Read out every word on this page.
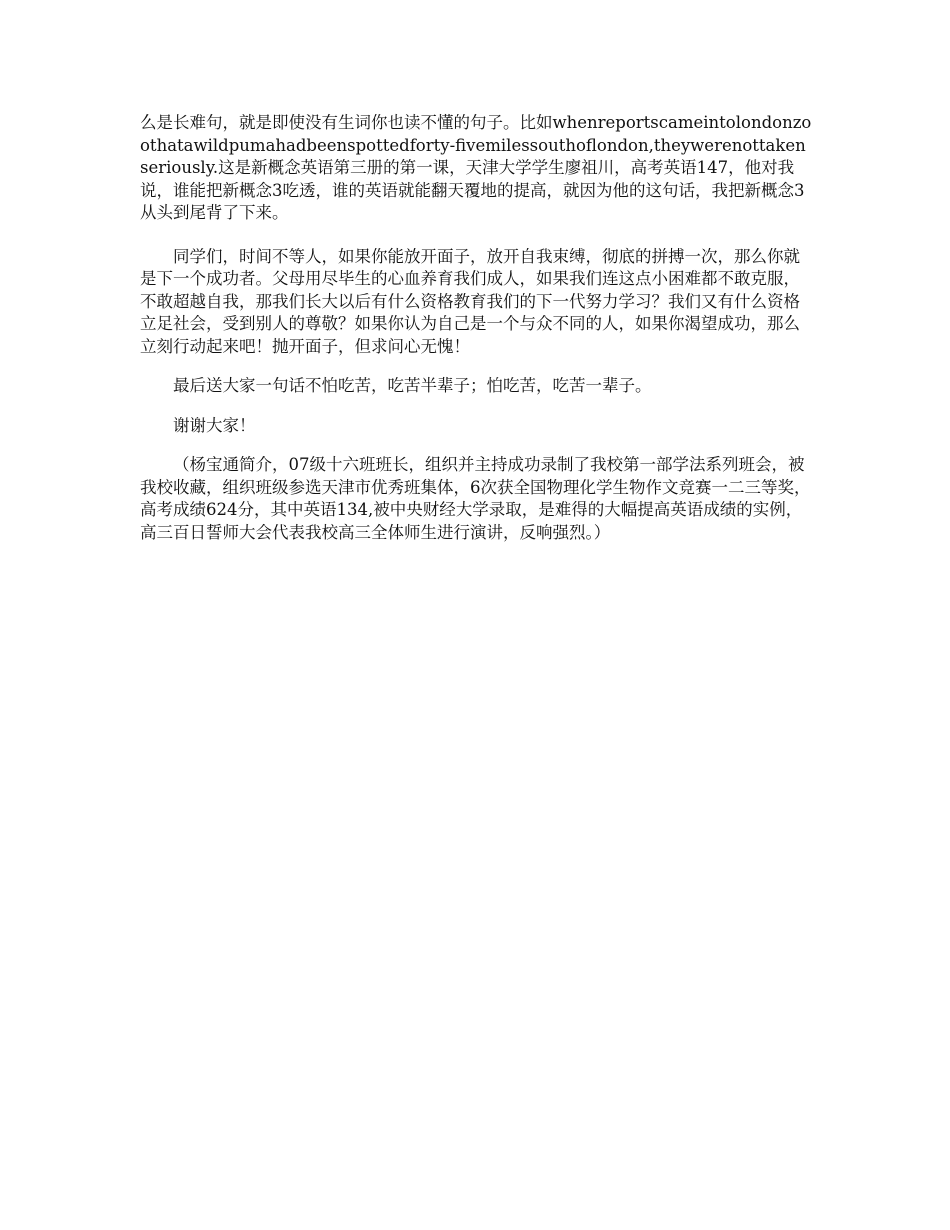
么是长难句，就是即使没有生词你也读不懂的句子。比如whenreportscameintolondonzoothatawildpumahadbeenspottedforty-fivemilessouthoflondon,theywerenottakenseriously.这是新概念英语第三册的第一课，天津大学学生廖祖川，高考英语147，他对我说，谁能把新概念3吃透，谁的英语就能翻天覆地的提高，就因为他的这句话，我把新概念3从头到尾背了下来。

同学们，时间不等人，如果你能放开面子，放开自我束缚，彻底的拼搏一次，那么你就是下一个成功者。父母用尽毕生的心血养育我们成人，如果我们连这点小困难都不敢克服，不敢超越自我，那我们长大以后有什么资格教育我们的下一代努力学习？我们又有什么资格立足社会，受到别人的尊敬？如果你认为自己是一个与众不同的人，如果你渴望成功，那么立刻行动起来吧！抛开面子，但求问心无愧！

最后送大家一句话不怕吃苦，吃苦半辈子；怕吃苦，吃苦一辈子。

谢谢大家！

（杨宝通简介，07级十六班班长，组织并主持成功录制了我校第一部学法系列班会，被我校收藏，组织班级参选天津市优秀班集体，6次获全国物理化学生物作文竞赛一二三等奖，高考成绩624分，其中英语134,被中央财经大学录取，是难得的大幅提高英语成绩的实例，高三百日誓师大会代表我校高三全体师生进行演讲，反响强烈。）
